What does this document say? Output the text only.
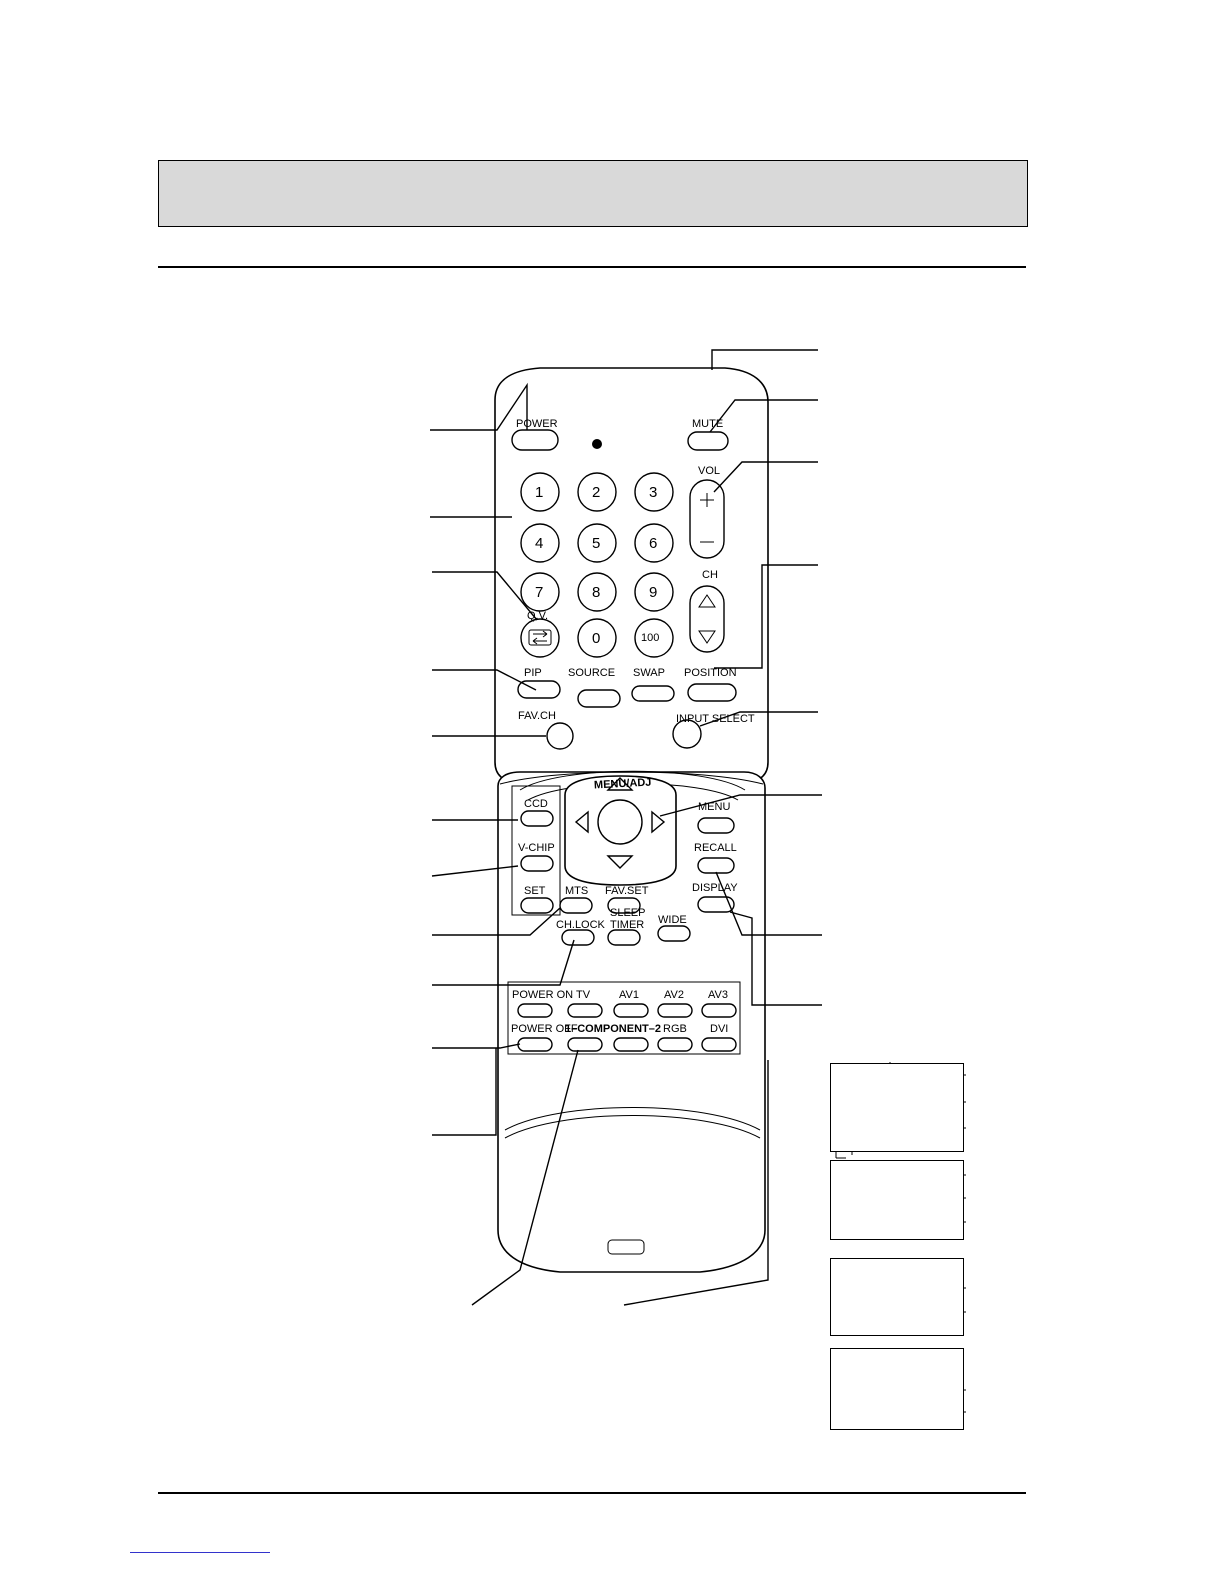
POWER	MUTE
VOL
CH
Q.V.
1	2	3
4	5	6
7	8	9
0	100
PIP SOURCE SWAP POSITION
FAV.CH	INPUT SELECT
MENU/ADJ
CCD
V-CHIP
SET MTS FAV.SET
CH.LOCK
SLEEP
TIMER WIDE
MENU
RECALL
DISPLAY
POWER ON TV	AV1 AV2 AV3
POWER OFF
1–COMPONENT–2 RGB DVI
